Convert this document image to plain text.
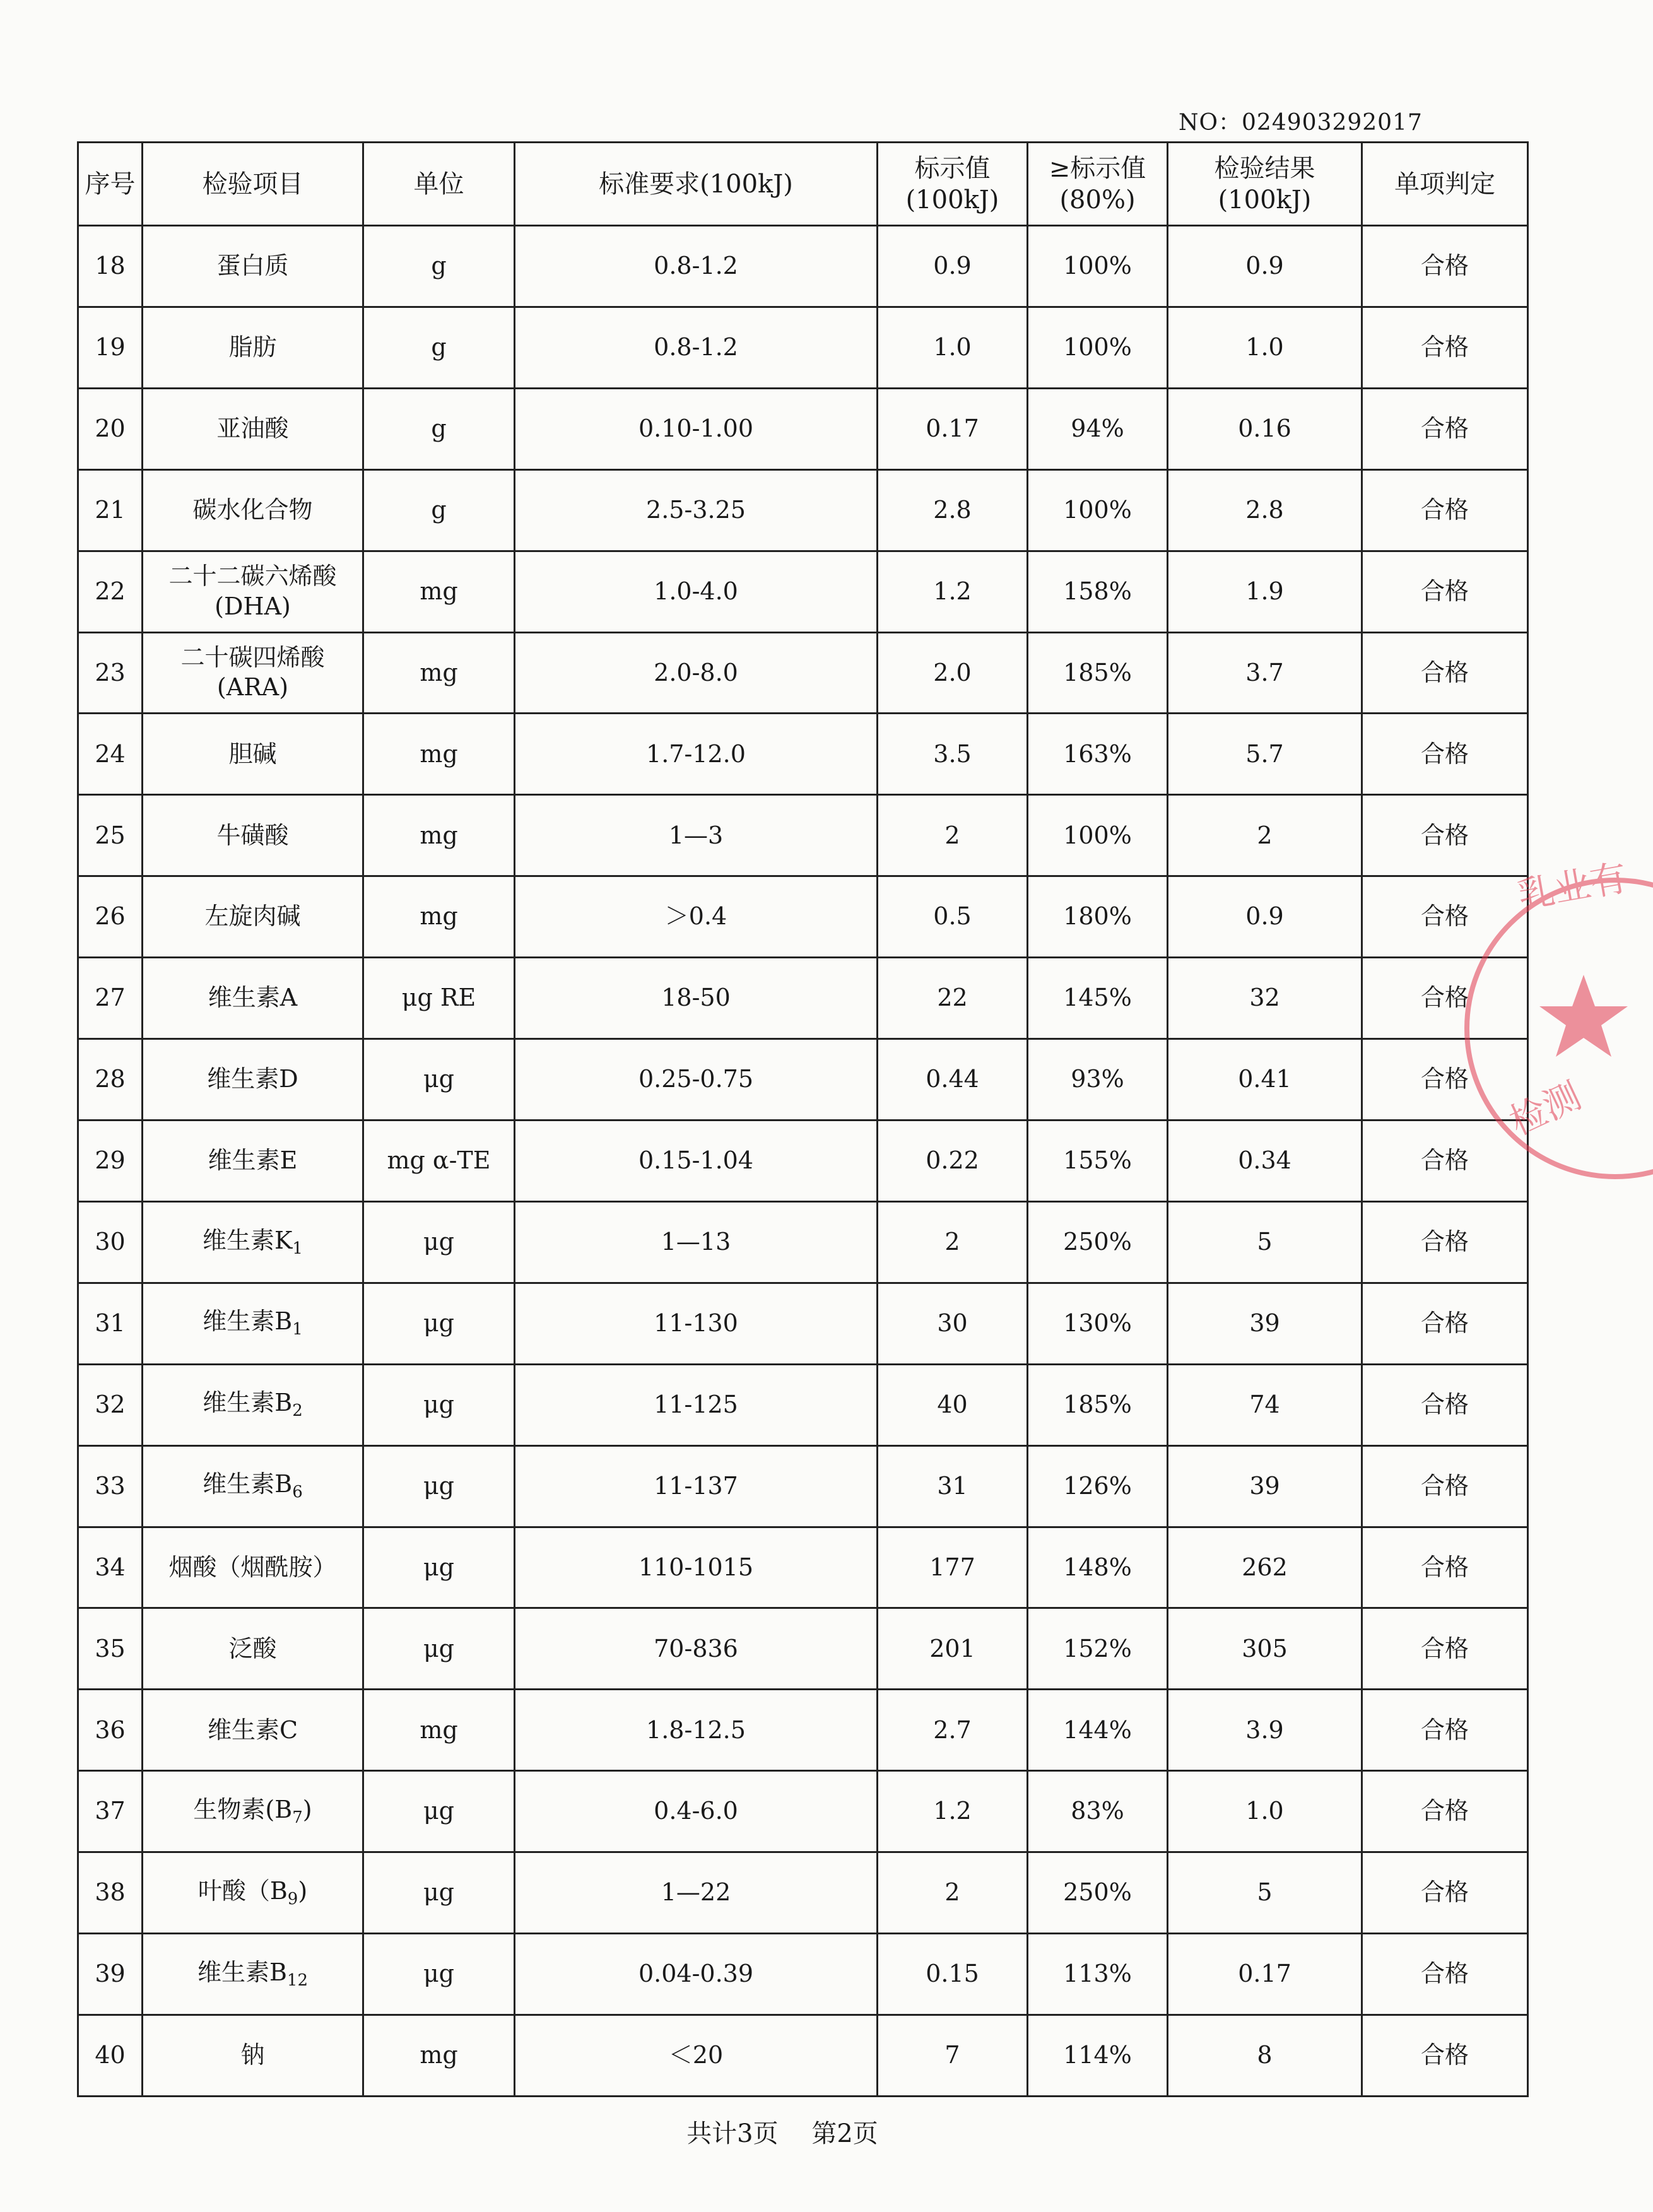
NO：024903292017
序号	检验项目	单位	标准要求(100kJ)	标示值(100kJ)	≥标示值(80%)	检验结果(100kJ)	单项判定
18	蛋白质	g	0.8-1.2	0.9	100%	0.9	合格
19	脂肪	g	0.8-1.2	1.0	100%	1.0	合格
20	亚油酸	g	0.10-1.00	0.17	94%	0.16	合格
21	碳水化合物	g	2.5-3.25	2.8	100%	2.8	合格
22	二十二碳六烯酸(DHA)	mg	1.0-4.0	1.2	158%	1.9	合格
23	二十碳四烯酸(ARA)	mg	2.0-8.0	2.0	185%	3.7	合格
24	胆碱	mg	1.7-12.0	3.5	163%	5.7	合格
25	牛磺酸	mg	1—3	2	100%	2	合格
26	左旋肉碱	mg	＞0.4	0.5	180%	0.9	合格
27	维生素A	μg RE	18-50	22	145%	32	合格
28	维生素D	μg	0.25-0.75	0.44	93%	0.41	合格
29	维生素E	mg α-TE	0.15-1.04	0.22	155%	0.34	合格
30	维生素$K_1$	μg	1—13	2	250%	5	合格
31	维生素$B_1$	μg	11-130	30	130%	39	合格
32	维生素$B_2$	μg	11-125	40	185%	74	合格
33	维生素$B_6$	μg	11-137	31	126%	39	合格
34	烟酸（烟酰胺）	μg	110-1015	177	148%	262	合格
35	泛酸	μg	70-836	201	152%	305	合格
36	维生素C	mg	1.8-12.5	2.7	144%	3.9	合格
37	生物素$(B_7)$	μg	0.4-6.0	1.2	83%	1.0	合格
38	叶酸$(B_9)$	μg	1—22	2	250%	5	合格
39	维生素$B_{12}$	μg	0.04-0.39	0.15	113%	0.17	合格
40	钠	mg	＜20	7	114%	8	合格
共计3页 第2页
乳业有
检测
